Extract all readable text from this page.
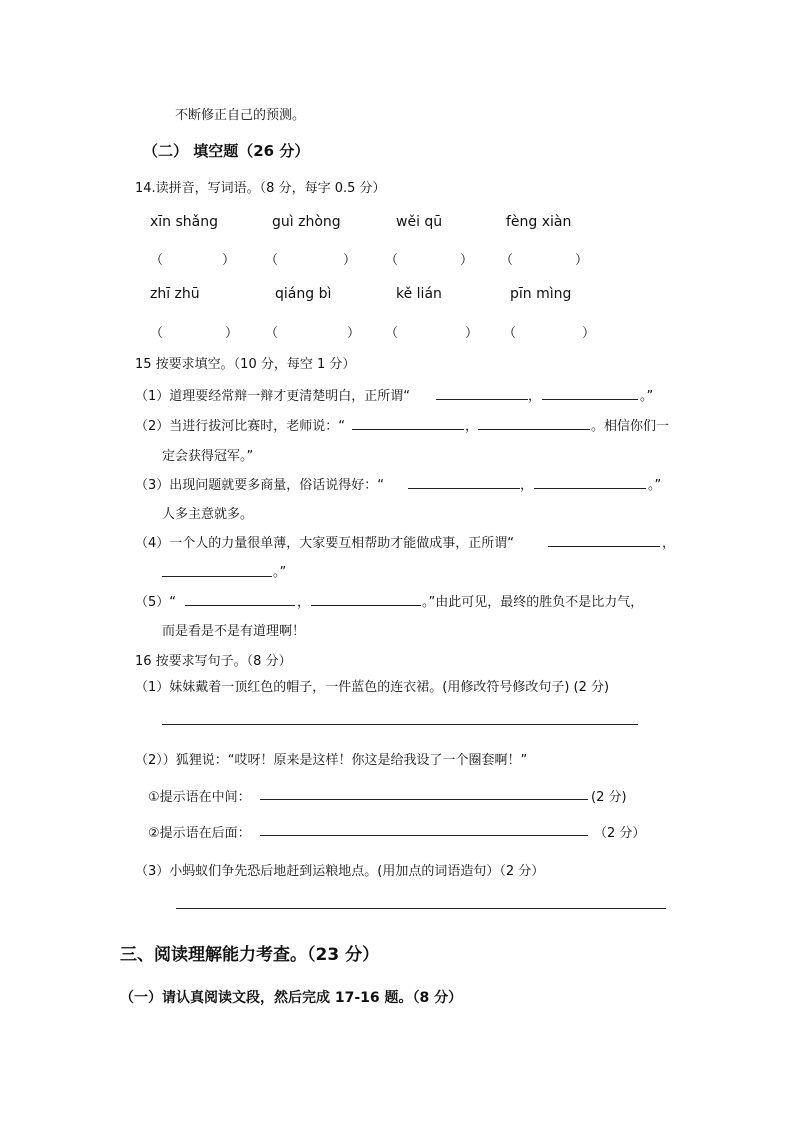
不断修正自己的预测。
（二） 填空题（26 分）
14.读拼音，写词语。（8 分，每字 0.5 分）
xīn shǎng	guì zhòng	wěi qū	fèng xiàn
（	） （	） （	） （	）
zhī zhū	qiáng bì	kě lián	pīn mìng
（	） （	） （	） （	）
15 按要求填空。（10 分，每空 1 分）
（1）道理要经常辩一辩才更清楚明白，正所谓“	，	。”
（2）当进行拔河比赛时，老师说：“	，	。相信你们一
定会获得冠军。”
（3）出现问题就要多商量，俗话说得好：“	，	。”
人多主意就多。
（4）一个人的力量很单薄，大家要互相帮助才能做成事，正所谓“	，
。”
（5）“	，	。”由此可见，最终的胜负不是比力气，
而是看是不是有道理啊！
16 按要求写句子。（8 分）
（1）妹妹戴着一顶红色的帽子，一件蓝色的连衣裙。(用修改符号修改句子) (2 分)
（2））狐狸说：“哎呀！原来是这样！你这是给我设了一个圈套啊！”
①提示语在中间：	(2 分)
②提示语在后面：	（2 分）
（3）小蚂蚁们争先恐后地赶到运粮地点。(用加点的词语造句）（2 分）
三、阅读理解能力考查。（23 分）
（一）请认真阅读文段，然后完成 17-16 题。（8 分）
